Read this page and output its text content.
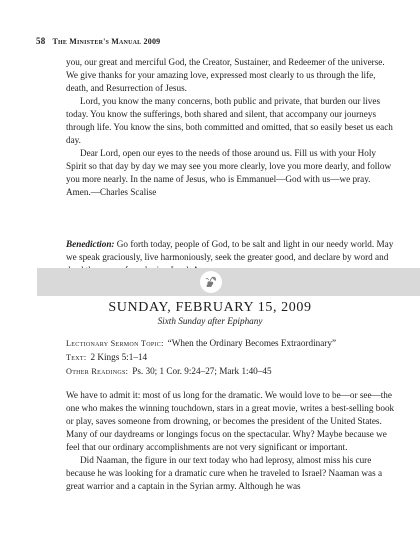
58 The Minister's Manual 2009

you, our great and merciful God, the Creator, Sustainer, and Redeemer of the universe. We give thanks for your amazing love, expressed most clearly to us through the life, death, and Resurrection of Jesus.

Lord, you know the many concerns, both public and private, that burden our lives today. You know the sufferings, both shared and silent, that accompany our journeys through life. You know the sins, both committed and omitted, that so easily beset us each day.

Dear Lord, open our eyes to the needs of those around us. Fill us with your Holy Spirit so that day by day we may see you more clearly, love you more dearly, and follow you more nearly. In the name of Jesus, who is Emmanuel—God with us—we pray. Amen.—Charles Scalise

Benediction: Go forth today, people of God, to be salt and light in our needy world. May we speak graciously, live harmoniously, seek the greater good, and declare by word and
SUNDAY, FEBRUARY 15, 2009
Sixth Sunday after Epiphany
Lectionary Sermon Topic: “When the Ordinary Becomes Extraordinary”
Text: 2 Kings 5:1–14
Other Readings: Ps. 30; 1 Cor. 9:24–27; Mark 1:40–45

We have to admit it: most of us long for the dramatic. We would love to be—or see—the one who makes the winning touchdown, stars in a great movie, writes a best-selling book or play, saves someone from drowning, or becomes the president of the United States. Many of our daydreams or longings focus on the spectacular. Why? Maybe because we feel that our ordinary accomplishments are not very significant or important.

Did Naaman, the figure in our text today who had leprosy, almost miss his cure because he was looking for a dramatic cure when he traveled to Israel? Naaman was a great warrior and a captain in the Syrian army. Although he was
